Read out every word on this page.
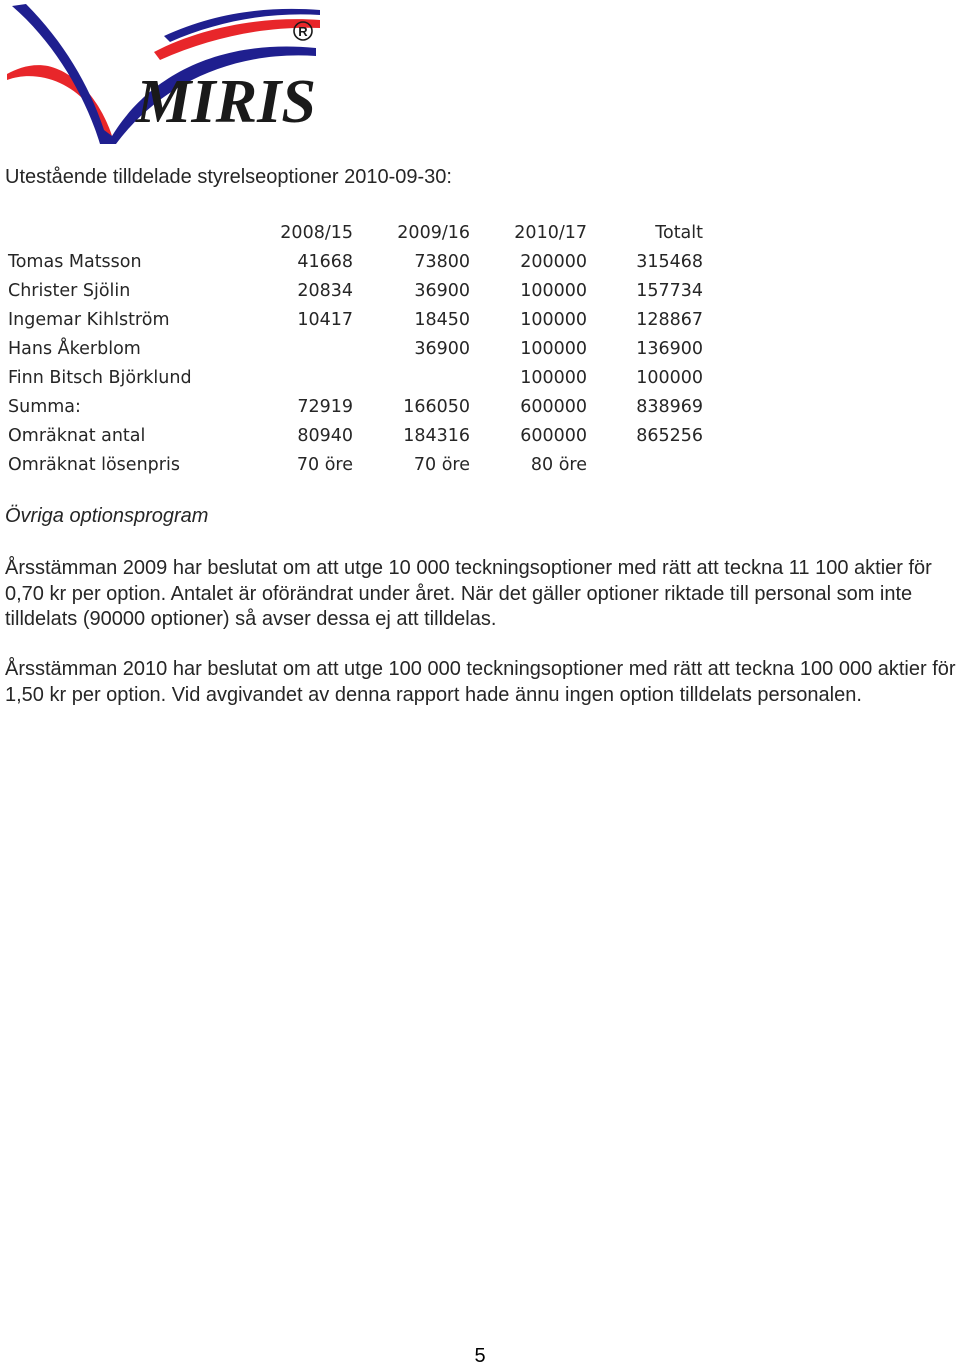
MIRIS
R
Utestående tilldelade styrelseoptioner 2010-09-30:
	2008/15	2009/16	2010/17	Totalt
Tomas Matsson	41668	73800	200000	315468
Christer Sjölin	20834	36900	100000	157734
Ingemar Kihlström	10417	18450	100000	128867
Hans Åkerblom		36900	100000	136900
Finn Bitsch Björklund			100000	100000
Summa:	72919	166050	600000	838969
Omräknat antal	80940	184316	600000	865256
Omräknat lösenpris	70 öre	70 öre	80 öre	
Övriga optionsprogram

Årsstämman 2009 har beslutat om att utge 10 000 teckningsoptioner med rätt att teckna 11 100 aktier för 0,70 kr per option. Antalet är oförändrat under året. När det gäller optioner riktade till personal som inte tilldelats (90000 optioner) så avser dessa ej att tilldelas.

Årsstämman 2010 har beslutat om att utge 100 000 teckningsoptioner med rätt att teckna 100 000 aktier för 1,50 kr per option. Vid avgivandet av denna rapport hade ännu ingen option tilldelats personalen.

5
